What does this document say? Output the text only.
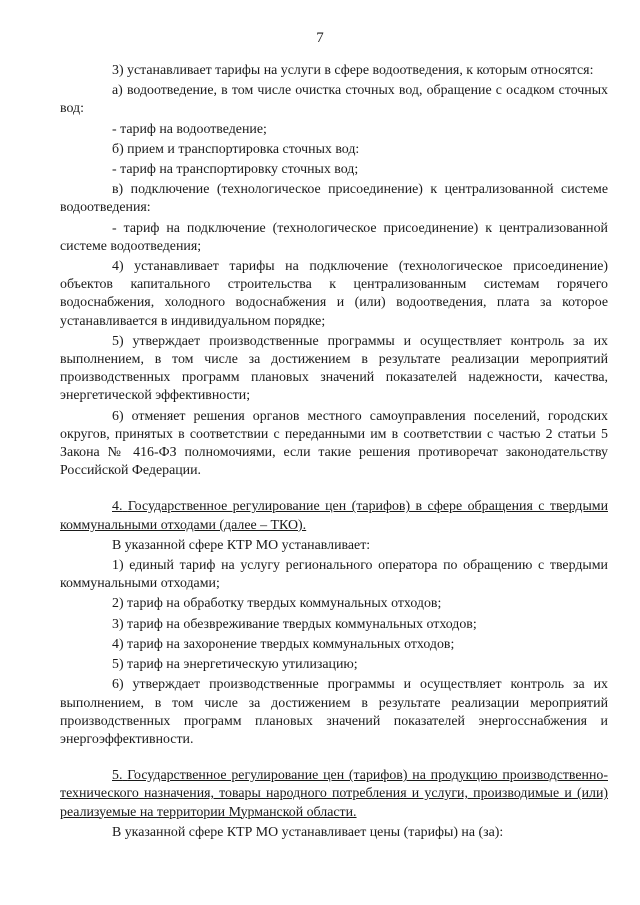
7

3) устанавливает тарифы на услуги в сфере водоотведения, к которым относятся:

а) водоотведение, в том числе очистка сточных вод, обращение с осадком сточных вод:

- тариф на водоотведение;

б) прием и транспортировка сточных вод:

- тариф на транспортировку сточных вод;

в) подключение (технологическое присоединение) к централизованной системе водоотведения:

- тариф на подключение (технологическое присоединение) к централизованной системе водоотведения;

4) устанавливает тарифы на подключение (технологическое присоединение) объектов капитального строительства к централизованным системам горячего водоснабжения, холодного водоснабжения и (или) водоотведения, плата за которое устанавливается в индивидуальном порядке;

5) утверждает производственные программы и осуществляет контроль за их выполнением, в том числе за достижением в результате реализации мероприятий производственных программ плановых значений показателей надежности, качества, энергетической эффективности;

6) отменяет решения органов местного самоуправления поселений, городских округов, принятых в соответствии с переданными им в соответствии с частью 2 статьи 5 Закона № 416-ФЗ полномочиями, если такие решения противоречат законодательству Российской Федерации.

4. Государственное регулирование цен (тарифов) в сфере обращения с твердыми коммунальными отходами (далее – ТКО).

В указанной сфере КТР МО устанавливает:

1) единый тариф на услугу регионального оператора по обращению с твердыми коммунальными отходами;

2) тариф на обработку твердых коммунальных отходов;

3) тариф на обезвреживание твердых коммунальных отходов;

4) тариф на захоронение твердых коммунальных отходов;

5) тариф на энергетическую утилизацию;

6) утверждает производственные программы и осуществляет контроль за их выполнением, в том числе за достижением в результате реализации мероприятий производственных программ плановых значений показателей энергосснабжения и энергоэффективности.

5. Государственное регулирование цен (тарифов) на продукцию производственно-технического назначения, товары народного потребления и услуги, производимые и (или) реализуемые на территории Мурманской области.

В указанной сфере КТР МО устанавливает цены (тарифы) на (за):
